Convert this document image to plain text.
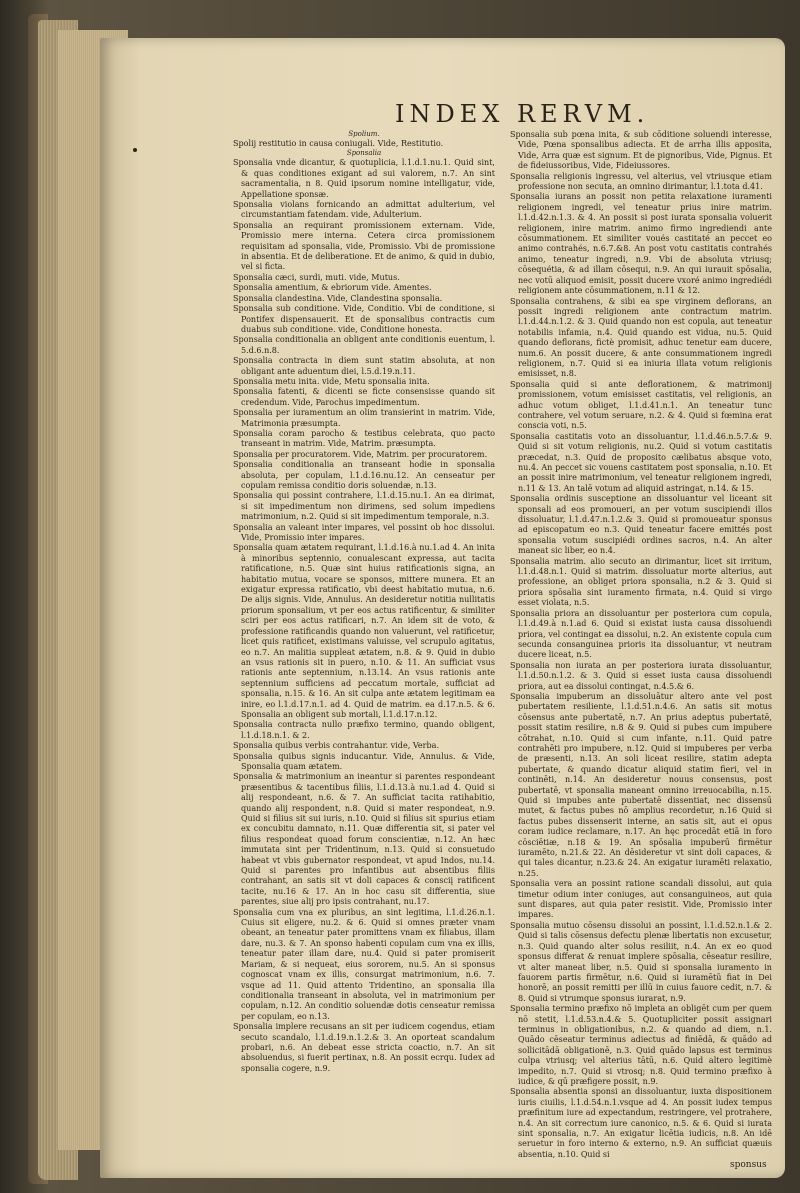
INDEX RERVM.

Spolium.

Spolij restitutio in causa coniugali. Vide, Restitutio.

Sponsalia

Sponsalia vnde dicantur, & quotuplicia, l.1.d.1.nu.1. Quid sint, & quas conditiones exigant ad sui valorem, n.7. An sint sacramentalia, n 8. Quid ipsorum nomine intelligatur, vide, Appellatione sponsæ.

Sponsalia violans fornicando an admittat adulterium, vel circumstantiam fatendam. vide, Adulterium.

Sponsalia an requirant promissionem externam. Vide, Promissio mere interna. Cetera circa promissionem requisitam ad sponsalia, vide, Promissio. Vbi de promissione in absentia. Et de deliberatione. Et de animo, & quid in dubio, vel si ficta.

Sponsalia cæci, surdi, muti. vide, Mutus.

Sponsalia amentium, & ebriorum vide. Amentes.

Sponsalia clandestina. Vide, Clandestina sponsalia.

Sponsalia sub conditione. Vide, Conditio. Vbi de conditione, si Pontifex dispensauerit. Et de sponsalibus contractis cum duabus sub conditione. vide, Conditione honesta.

Sponsalia conditionalia an obligent ante conditionis euentum, l. 5.d.6.n.8.

Sponsalia contracta in diem sunt statim absoluta, at non obligant ante aduentum diei, l.5.d.19.n.11.

Sponsalia metu inita. vide, Metu sponsalia inita.

Sponsalia fatenti, & dicenti se ficte consensisse quando sit credendum. Vide, Parochus impedimentum.

Sponsalia per iuramentum an olim transierint in matrim. Vide, Matrimonia præsumpta.

Sponsalia coram parocho & testibus celebrata, quo pacto transeant in matrim. Vide, Matrim. præsumpta.

Sponsalia per procuratorem. Vide, Matrim. per procuratorem.

Sponsalia conditionalia an transeant hodie in sponsalia absoluta, per copulam, l.1.d.16.nu.12. An censeatur per copulam remissa conditio doris soluendæ, n.13.

Sponsalia qui possint contrahere, l.1.d.15.nu.1. An ea dirimat, si sit impedimentum non dirimens, sed solum impediens matrimonium, n.2. Quid si sit impedimentum temporale, n.3.

Sponsalia an valeant inter impares, vel possint ob hoc dissolui. Vide, Promissio inter impares.

Sponsalia quam ætatem requirant, l.1.d.16.à nu.1.ad 4. An inita à minoribus septennio, conualescant expressa, aut tacita ratificatione, n.5. Quæ sint huius ratificationis signa, an habitatio mutua, vocare se sponsos, mittere munera. Et an exigatur expressa ratificatio, vbi deest habitatio mutua, n.6. De alijs signis. Vide, Annulus. An desideretur notitia nullitatis priorum sponsalium, vt per eos actus ratificentur, & similiter sciri per eos actus ratificari, n.7. An idem sit de voto, & professione ratificandis quando non valuerunt, vel ratificetur, licet quis ratificet, existimans valuisse, vel scrupulo agitatus, eo n.7. An malitia suppleat ætatem, n.8. & 9. Quid in dubio an vsus rationis sit in puero, n.10. & 11. An sufficiat vsus rationis ante septennium, n.13.14. An vsus rationis ante septennium sufficiens ad peccatum mortale, sufficiat ad sponsalia, n.15. & 16. An sit culpa ante ætatem legitimam ea inire, eo l.1.d.17.n.1. ad 4. Quid de matrim. ea d.17.n.5. & 6. Sponsalia an obligent sub mortali, l.1.d.17.n.12.

Sponsalia contracta nullo præfixo termino, quando obligent, l.1.d.18.n.1. & 2.

Sponsalia quibus verbis contrahantur. vide, Verba.

Sponsalia quibus signis inducantur. Vide, Annulus. & Vide, Sponsalia quam ætatem.

Sponsalia & matrimonium an ineantur si parentes respondeant præsentibus & tacentibus filiis, l.1.d.13.à nu.1.ad 4. Quid si alij respondeant, n.6. & 7. An sufficiat tacita ratihabitio, quando alij respondent, n.8. Quid si mater respondeat, n.9. Quid si filius sit sui iuris, n.10. Quid si filius sit spurius etiam ex concubitu damnato, n.11. Quæ differentia sit, si pater vel filius respondeat quoad forum conscientiæ, n.12. An hæc immutata sint per Tridentinum, n.13. Quid si consuetudo habeat vt vbis gubernator respondeat, vt apud Indos, nu.14. Quid si parentes pro infantibus aut absentibus filiis contrahant, an satis sit vt doli capaces & consciį ratificent tacite, nu.16 & 17. An in hoc casu sit differentia, siue parentes, siue alij pro ipsis contrahant, nu.17.

Sponsalia cum vna ex pluribus, an sint legitima, l.1.d.26.n.1. Cuius sit eligere, nu.2. & 6. Quid si omnes præter vnam obeant, an teneatur pater promittens vnam ex filiabus, illam dare, nu.3. & 7. An sponso habenti copulam cum vna ex illis, teneatur pater illam dare, nu.4. Quid si pater promiserit Mariam, & si nequeat, eius sororem, nu.5. An si sponsus cognoscat vnam ex illis, consurgat matrimonium, n.6. 7. vsque ad 11. Quid attento Tridentino, an sponsalia illa conditionalia transeant in absoluta, vel in matrimonium per copulam, n.12. An conditio soluendæ dotis censeatur remissa per copulam, eo n.13.

Sponsalia implere recusans an sit per iudicem cogendus, etiam secuto scandalo, l.1.d.19.n.1.2.& 3. An oporteat scandalum probari, n.6. An debeat esse stricta coactio, n.7. An sit absoluendus, si fuerit pertinax, n.8. An possit ecrqu. Iudex ad sponsalia cogere, n.9.

Sponsalia sub pœna inita, & sub cōditione soluendi interesse, Vide, Pœna sponsalibus adiecta. Et de arrha illis apposita, Vide, Arra quæ est signum. Et de pignoribus, Vide, Pignus. Et de fideiussoribus, Vide, Fideiussores.

Sponsalia religionis ingressu, vel alterius, vel vtriusque etiam professione non secuta, an omnino dirimantur, l.1.tota d.41.

Sponsalia iurans an possit non petita relaxatione iuramenti religionem ingredi, vel teneatur prius inire matrim. l.1.d.42.n.1.3. & 4. An possit si post iurata sponsalia voluerit religionem, inire matrim. animo firmo ingrediendi ante cōsummationem. Et similiter voués castitaté an peccet eo animo contrahés, n.6.7.&8. An post votu castitatis contrahés animo, teneatur ingredi, n.9. Vbi de absoluta vtriusq; cōsequétia, & ad illam cōsequi, n.9. An qui iurauit spōsalia, nec votū aliquod emisit, possit ducere vxoré animo ingrediédi religionem ante cōsummationem, n.11 & 12.

Sponsalia contrahens, & sibi ea spe virginem deflorans, an possit ingredi religionem ante contractum matrim. l.1.d.44.n.1.2. & 3. Quid quando non est copula, aut teneatur notabilis infamia, n.4. Quid quando est vidua, nu.5. Quid quando deflorans, fictè promisit, adhuc tenetur eam ducere, num.6. An possit ducere, & ante consummationem ingredi religionem, n.7. Quid si ea iniuria illata votum religionis emisisset, n.8.

Sponsalia quid si ante deflorationem, & matrimonij promissionem, votum emisisset castitatis, vel religionis, an adhuc votum obliget, l.1.d.41.n.1. An teneatur tunc contrahere, vel votum seruare, n.2. & 4. Quid si fœmina erat conscia voti, n.5.

Sponsalia castitatis voto an dissoluantur, l.1.d.46.n.5.7.& 9. Quid si sit votum religionis, nu.2. Quid si votum castitatis præcedat, n.3. Quid de proposito cælibatus absque voto, nu.4. An peccet sic vouens castitatem post sponsalia, n.10. Et an possit inire matrimonium, vel teneatur religionem ingredi, n.11 & 13. An talē votum ad aliquid astringat, n.14. & 15.

Sponsalia ordinis susceptione an dissoluantur vel liceant sit sponsali ad eos promoueri, an per votum suscipiendi illos dissoluatur, l.1.d.47.n.1.2.& 3. Quid si promoueatur sponsus ad episcopatum eo n.3. Quid teneatur facere emittés post sponsalia votum suscipiédi ordines sacros, n.4. An alter maneat sic liber, eo n.4.

Sponsalia matrim. alio secuto an dirimantur, licet sit irritum, l.1.d.48.n.1. Quid si matrim. dissoluatur morte alterius, aut professione, an obliget priora sponsalia, n.2 & 3. Quid si priora spōsalia sint iuramento firmata, n.4. Quid si virgo esset violata, n.5.

Sponsalia priora an dissoluantur per posteriora cum copula, l.1.d.49.à n.1.ad 6. Quid si existat iusta causa dissoluendi priora, vel contingat ea dissolui, n.2. An existente copula cum secunda consanguinea prioris ita dissoluantur, vt neutram ducere liceat, n.5.

Sponsalia non iurata an per posteriora iurata dissoluantur, l.1.d.50.n.1.2. & 3. Quid si esset iusta causa dissoluendi priora, aut ea dissolui contingat, n.4.5.& 6.

Sponsalia impuberum an dissoluātur altero ante vel post pubertatem resiliente, l.1.d.51.n.4.6. An satis sit motus cōsensus ante pubertatē, n.7. An prius adeptus pubertatē, possit statim resilire, n.8 & 9. Quid si pubes cum impubere cōtrahat, n.10. Quid si cum infante, n.11. Quid patre contrahēti pro impubere, n.12. Quid si impuberes per verba de præsenti, n.13. An soli liceat resilire, statim adepta pubertate, & quando dicatur aliquid statim fieri, vel in continēti, n.14. An desideretur nouus consensus, post pubertatē, vt sponsalia maneant omnino irreuocabilia, n.15. Quid si impubes ante pubertatē dissentiat, nec dissensū mutet, & factus pubes nō amplius recordetur, n.16 Quid si factus pubes dissenserit interne, an satis sit, aut ei opus coram iudice reclamare, n.17. An hęc procedāt etiā in foro cōsciētiæ, n.18 & 19. An spōsalia impuberū firmētur iuramēto, n.21.& 22. An dēsideretur vt sint doli capaces, & qui tales dicantur, n.23.& 24. An exigatur iuramēti relaxatio, n.25.

Sponsalia vera an possint ratione scandali dissolui, aut quia timetur odium inter coniuges, aut consanguineos, aut quia sunt dispares, aut quia pater resistit. Vide, Promissio inter impares.

Sponsalia mutuo cōsensu dissolui an possint, l.1.d.52.n.1.& 2. Quid si talis cōsensus defectu plenæ libertatis non excusetur, n.3. Quid quando alter solus resiliit, n.4. An ex eo quod sponsus differat & renuat implere spōsalia, cēseatur resilire, vt alter maneat liber, n.5. Quid si sponsalia iuramento in fauorem partis firmētur, n.6. Quid si iuramētū fiat in Dei honorē, an possit remitti per illū in cuius fauore cedit, n.7. & 8. Quid si vtrumque sponsus iurarat, n.9.

Sponsalia termino præfixo nō impleta an obligēt cum per quem nō stetit, l.1.d.53.n.4.& 5. Quotupliciter possit assignari terminus in obligationibus, n.2. & quando ad diem, n.1. Quādo cēseatur terminus adiectus ad finiēdā, & quādo ad sollicitādā obligationē, n.3. Quid quādo lapsus est terminus culpa vtriusq; vel alterius tātū, n.6. Quid altero legitimè impedito, n.7. Quid si vtrosq; n.8. Quid termino præfixo à iudice, & qū præfigere possit, n.9.

Sponsalia absentia sponsi an dissoluantur, iuxta dispositionem iuris ciuilis, l.1.d.54.n.1.vsque ad 4. An possit iudex tempus præfinitum iure ad expectandum, restringere, vel protrahere, n.4. An sit correctum iure canonico, n.5. & 6. Quid si iurata sint sponsalia, n.7. An exigatur licētia iudicis, n.8. An idē seruetur in foro interno & externo, n.9. An sufficiat quæuis absentia, n.10. Quid si

sponsus
